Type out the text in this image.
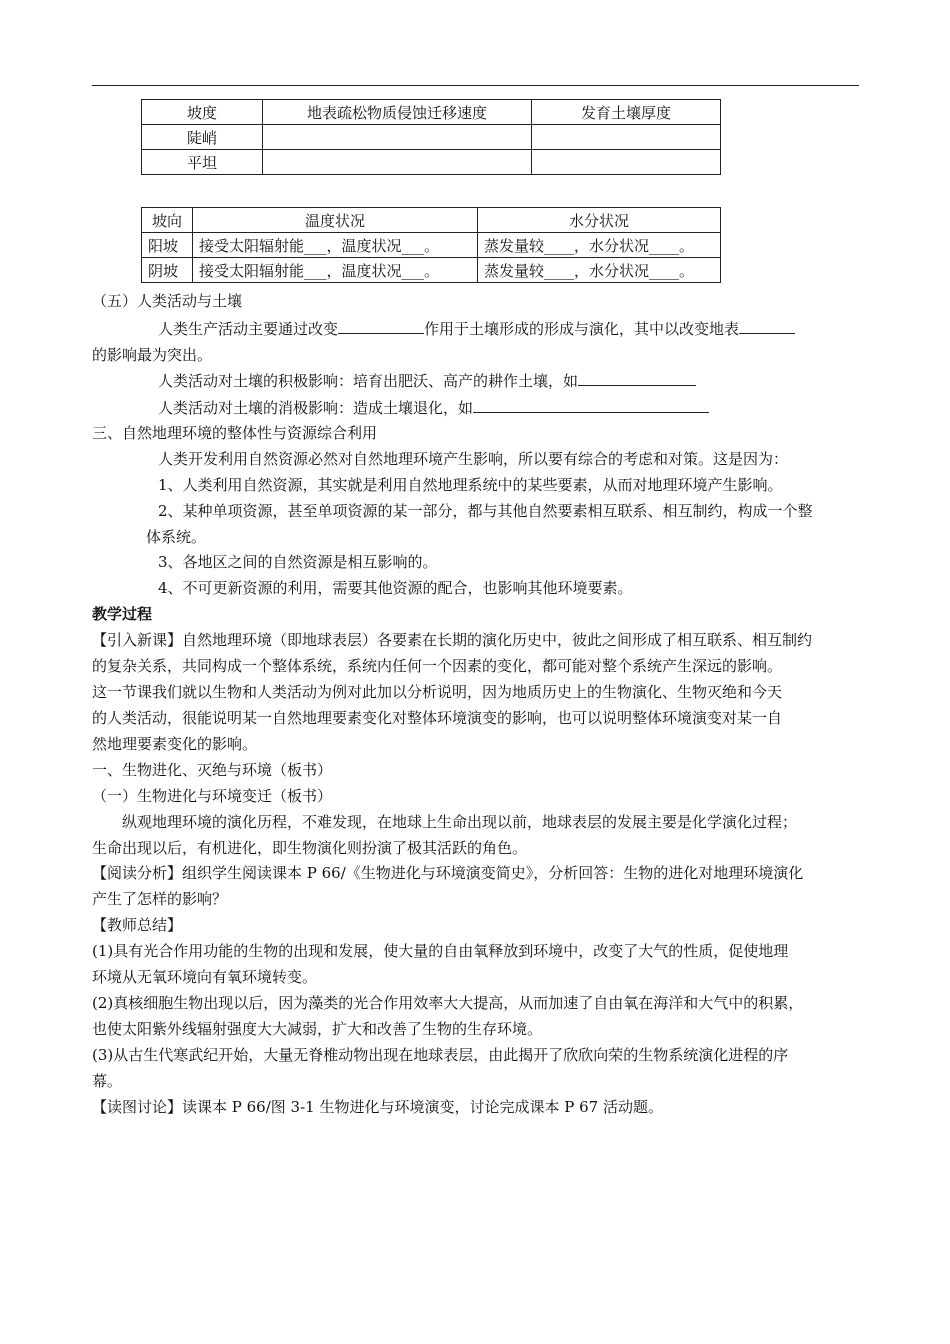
坡度	地表疏松物质侵蚀迁移速度	发育土壤厚度
陡峭		
平坦		
坡向	温度状况	水分状况
阳坡	接受太阳辐射能___，温度状况___。	蒸发量较____，水分状况____。
阴坡	接受太阳辐射能___，温度状况___。	蒸发量较____，水分状况____。
（五）人类活动与土壤
人类生产活动主要通过改变	作用于土壤形成的形成与演化，其中以改变地表
的影响最为突出。
人类活动对土壤的积极影响：培育出肥沃、高产的耕作土壤，如
人类活动对土壤的消极影响：造成土壤退化，如
三、自然地理环境的整体性与资源综合利用
人类开发利用自然资源必然对自然地理环境产生影响，所以要有综合的考虑和对策。这是因为：
1、人类利用自然资源，其实就是利用自然地理系统中的某些要素，从而对地理环境产生影响。
2、某种单项资源，甚至单项资源的某一部分，都与其他自然要素相互联系、相互制约，构成一个整
体系统。
3、各地区之间的自然资源是相互影响的。
4、不可更新资源的利用，需要其他资源的配合，也影响其他环境要素。
教学过程
【引入新课】自然地理环境（即地球表层）各要素在长期的演化历史中，彼此之间形成了相互联系、相互制约
的复杂关系，共同构成一个整体系统，系统内任何一个因素的变化，都可能对整个系统产生深远的影响。
这一节课我们就以生物和人类活动为例对此加以分析说明，因为地质历史上的生物演化、生物灭绝和今天
的人类活动，很能说明某一自然地理要素变化对整体环境演变的影响，也可以说明整体环境演变对某一自
然地理要素变化的影响。
一、生物进化、灭绝与环境（板书）
（一）生物进化与环境变迁（板书）
纵观地理环境的演化历程，不难发现，在地球上生命出现以前，地球表层的发展主要是化学演化过程；
生命出现以后，有机进化，即生物演化则扮演了极其活跃的角色。
【阅读分析】组织学生阅读课本 P 66/《生物进化与环境演变简史》，分析回答：生物的进化对地理环境演化
产生了怎样的影响？
【教师总结】
(1)具有光合作用功能的生物的出现和发展，使大量的自由氧释放到环境中，改变了大气的性质，促使地理
环境从无氧环境向有氧环境转变。
(2)真核细胞生物出现以后，因为藻类的光合作用效率大大提高，从而加速了自由氧在海洋和大气中的积累，
也使太阳紫外线辐射强度大大减弱，扩大和改善了生物的生存环境。
(3)从古生代寒武纪开始，大量无脊椎动物出现在地球表层，由此揭开了欣欣向荣的生物系统演化进程的序
幕。
【读图讨论】读课本 P 66/图 3-1 生物进化与环境演变，讨论完成课本 P 67 活动题。
